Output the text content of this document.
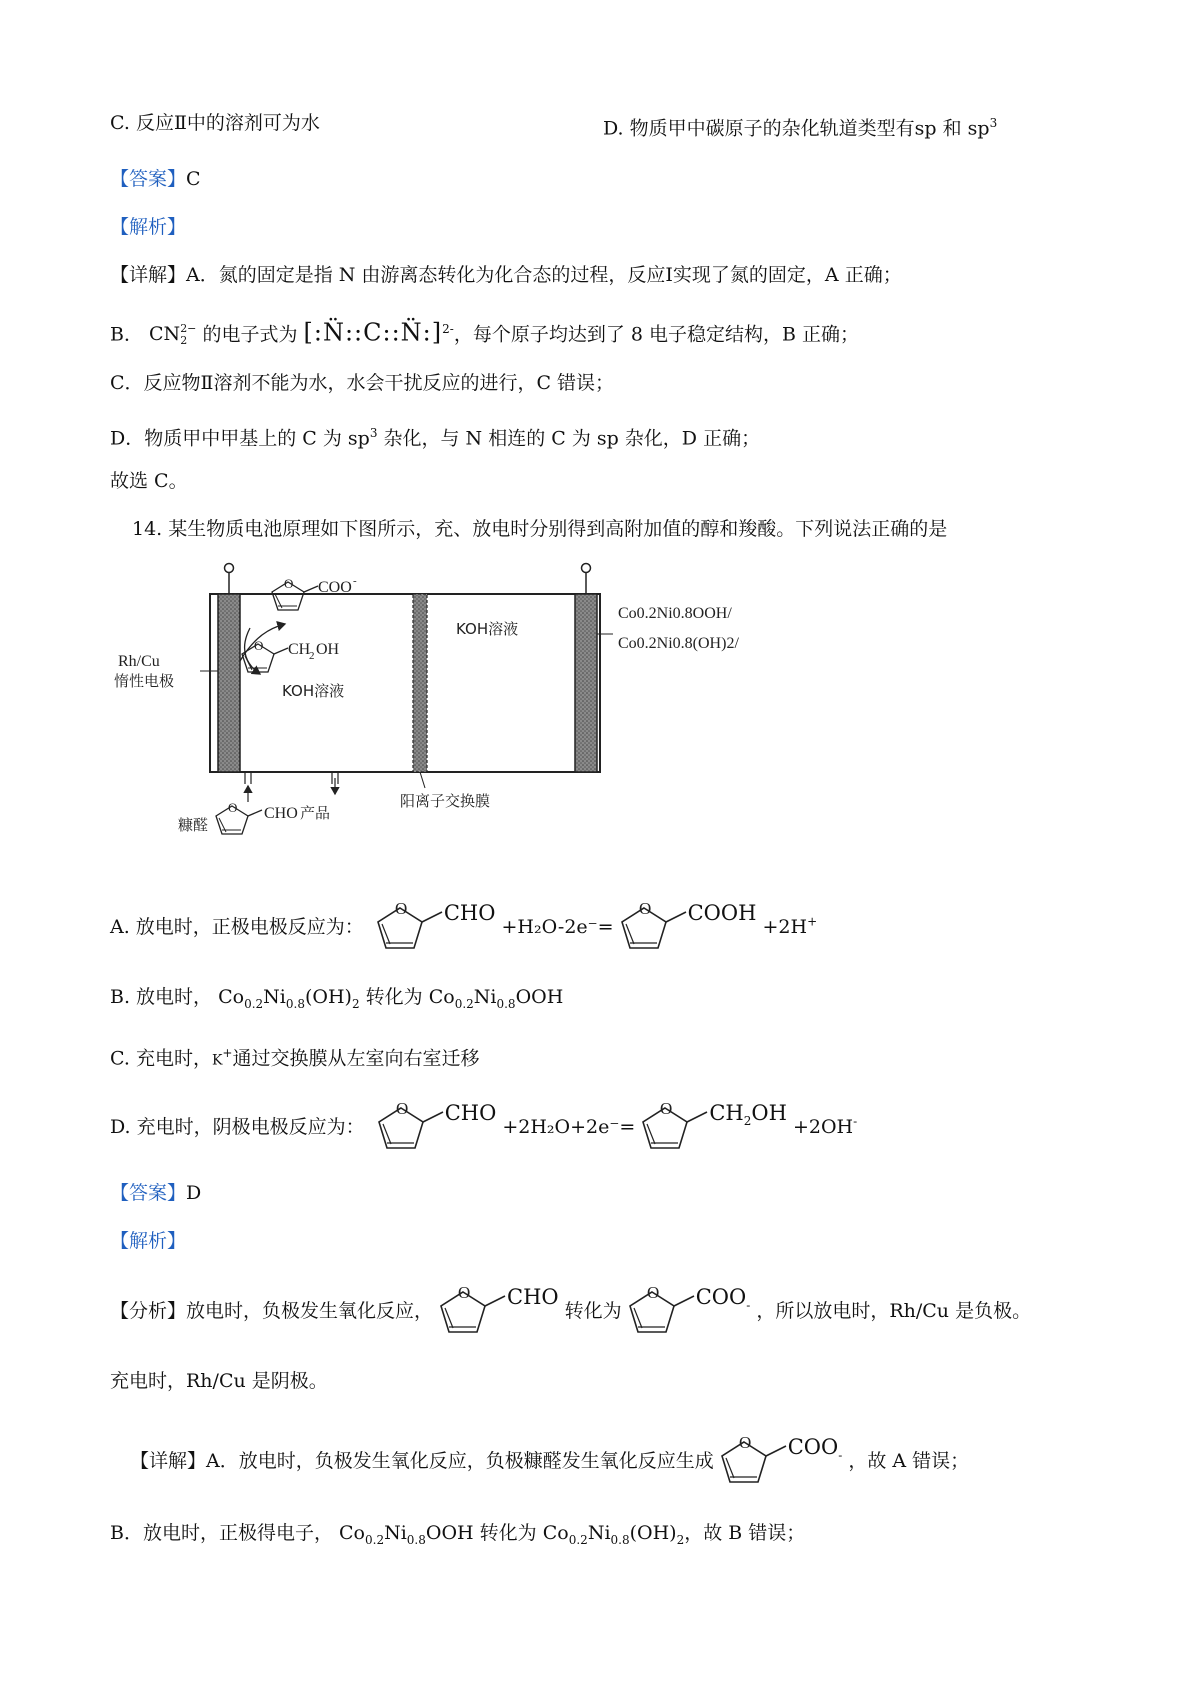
C. 反应Ⅱ中的溶剂可为水	D. 物质甲中碳原子的杂化轨道类型有sp 和 $sp^3$
【答案】C
【解析】
【详解】A．氮的固定是指 N 由游离态转化为化合态的过程，反应Ⅰ实现了氮的固定，A 正确；
B． CN 2−
2 的电子式为 [:N̈::C::N̈:]$^{2-}$，每个原子均达到了 8 电子稳定结构，B 正确；
C．反应物Ⅱ溶剂不能为水，水会干扰反应的进行，C 错误；
D．物质甲中甲基上的 C 为 $sp^3$ 杂化，与 N 相连的 C 为 sp 杂化，D 正确；
故选 C。
14. 某生物质电池原理如下图所示，充、放电时分别得到高附加值的醇和羧酸。下列说法正确的是
Rh/Cu
惰性电极
O COO -
O CH
2 OH
KOH溶液
KOH溶液
Co0.2Ni0.8OOH/
Co0.2Ni0.8(OH)2/
糠醛
O CHO 产品
阳离子交换膜
A. 放电时，正极电极反应为：
O CHO +H₂O-2e⁻=
O COOH +2H+
B. 放电时， $Co_{0.2}Ni_{0.8}(OH)_2$ 转化为 $Co_{0.2}Ni_{0.8}OOH$
C. 充电时，K+通过交换膜从左室向右室迁移
D. 充电时，阴极电极反应为：
O CHO +2H₂O+2e⁻=
O $CH_2OH +2OH^-$
【答案】D
【解析】
【分析】放电时，负极发生氧化反应，
O CHO 转化为
O COO- ，所以放电时，Rh/Cu 是负极。
充电时，Rh/Cu 是阴极。
【详解】A．放电时，负极发生氧化反应，负极糠醛发生氧化反应生成
O COO- ，故 A 错误；
B．放电时，正极得电子， $Co_{0.2}Ni_{0.8}OOH$ 转化为 $Co_{0.2}Ni_{0.8}(OH)_2$，故 B 错误；
